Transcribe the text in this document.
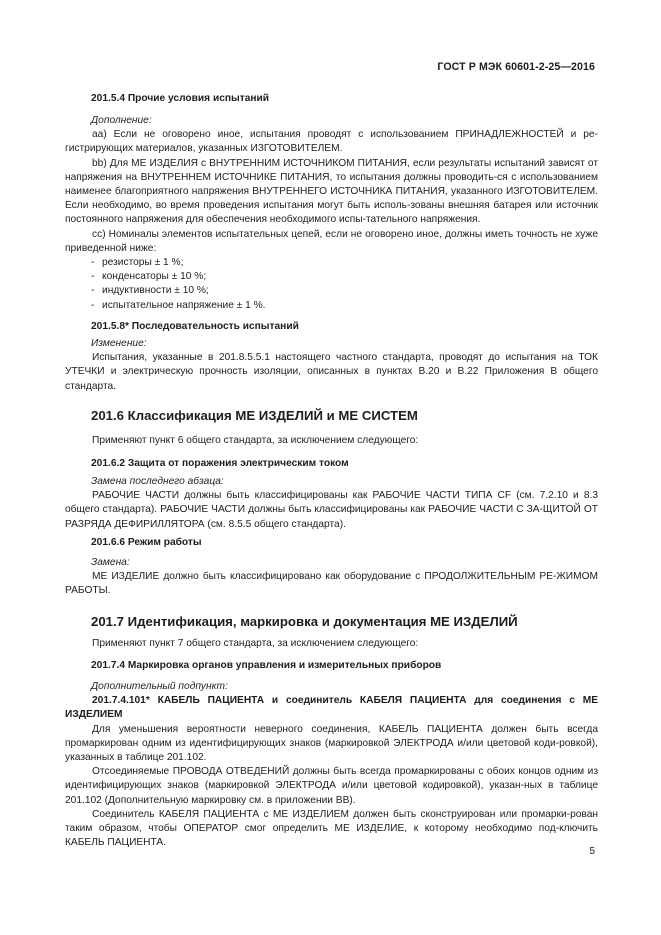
ГОСТ Р МЭК 60601-2-25—2016

201.5.4 Прочие условия испытаний

Дополнение:

аа) Если не оговорено иное, испытания проводят с использованием ПРИНАДЛЕЖНОСТЕЙ и ре-гистрирующих материалов, указанных ИЗГОТОВИТЕЛЕМ.

bb) Для МЕ ИЗДЕЛИЯ с ВНУТРЕННИМ ИСТОЧНИКОМ ПИТАНИЯ, если результаты испытаний зависят от напряжения на ВНУТРЕННЕМ ИСТОЧНИКЕ ПИТАНИЯ, то испытания должны проводить-ся с использованием наименее благоприятного напряжения ВНУТРЕННЕГО ИСТОЧНИКА ПИТАНИЯ, указанного ИЗГОТОВИТЕЛЕМ. Если необходимо, во время проведения испытания могут быть исполь-зованы внешняя батарея или источник постоянного напряжения для обеспечения необходимого испы-тательного напряжения.

сс) Номиналы элементов испытательных цепей, если не оговорено иное, должны иметь точность не хуже приведенной ниже:

- резисторы ± 1 %;
- конденсаторы ± 10 %;
- индуктивности ± 10 %;
- испытательное напряжение ± 1 %.

201.5.8* Последовательность испытаний

Изменение:

Испытания, указанные в 201.8.5.5.1 настоящего частного стандарта, проводят до испытания на ТОК УТЕЧКИ и электрическую прочность изоляции, описанных в пунктах В.20 и В.22 Приложения В общего стандарта.

201.6 Классификация МЕ ИЗДЕЛИЙ и МЕ СИСТЕМ

Применяют пункт 6 общего стандарта, за исключением следующего:

201.6.2 Защита от поражения электрическим током

Замена последнего абзаца:

РАБОЧИЕ ЧАСТИ должны быть классифицированы как РАБОЧИЕ ЧАСТИ ТИПА CF (см. 7.2.10 и 8.3 общего стандарта). РАБОЧИЕ ЧАСТИ должны быть классифицированы как РАБОЧИЕ ЧАСТИ С ЗА-ЩИТОЙ ОТ РАЗРЯДА ДЕФИРИЛЛЯТОРА (см. 8.5.5 общего стандарта).

201.6.6 Режим работы

Замена:

МЕ ИЗДЕЛИЕ должно быть классифицировано как оборудование с ПРОДОЛЖИТЕЛЬНЫМ РЕ-ЖИМОМ РАБОТЫ.

201.7 Идентификация, маркировка и документация МЕ ИЗДЕЛИЙ

Применяют пункт 7 общего стандарта, за исключением следующего:

201.7.4 Маркировка органов управления и измерительных приборов

Дополнительный подпункт:

201.7.4.101* КАБЕЛЬ ПАЦИЕНТА и соединитель КАБЕЛЯ ПАЦИЕНТА для соединения с МЕ ИЗДЕЛИЕМ

Для уменьшения вероятности неверного соединения, КАБЕЛЬ ПАЦИЕНТА должен быть всегда промаркирован одним из идентифицирующих знаков (маркировкой ЭЛЕКТРОДА и/или цветовой коди-ровкой), указанных в таблице 201.102.

Отсоединяемые ПРОВОДА ОТВЕДЕНИЙ должны быть всегда промаркированы с обоих концов одним из идентифицирующих знаков (маркировкой ЭЛЕКТРОДА и/или цветовой кодировкой), указан-ных в таблице 201.102 (Дополнительную маркировку см. в приложении ВВ).

Соединитель КАБЕЛЯ ПАЦИЕНТА с МЕ ИЗДЕЛИЕМ должен быть сконструирован или промарки-рован таким образом, чтобы ОПЕРАТОР смог определить МЕ ИЗДЕЛИЕ, к которому необходимо под-ключить КАБЕЛЬ ПАЦИЕНТА.

5
